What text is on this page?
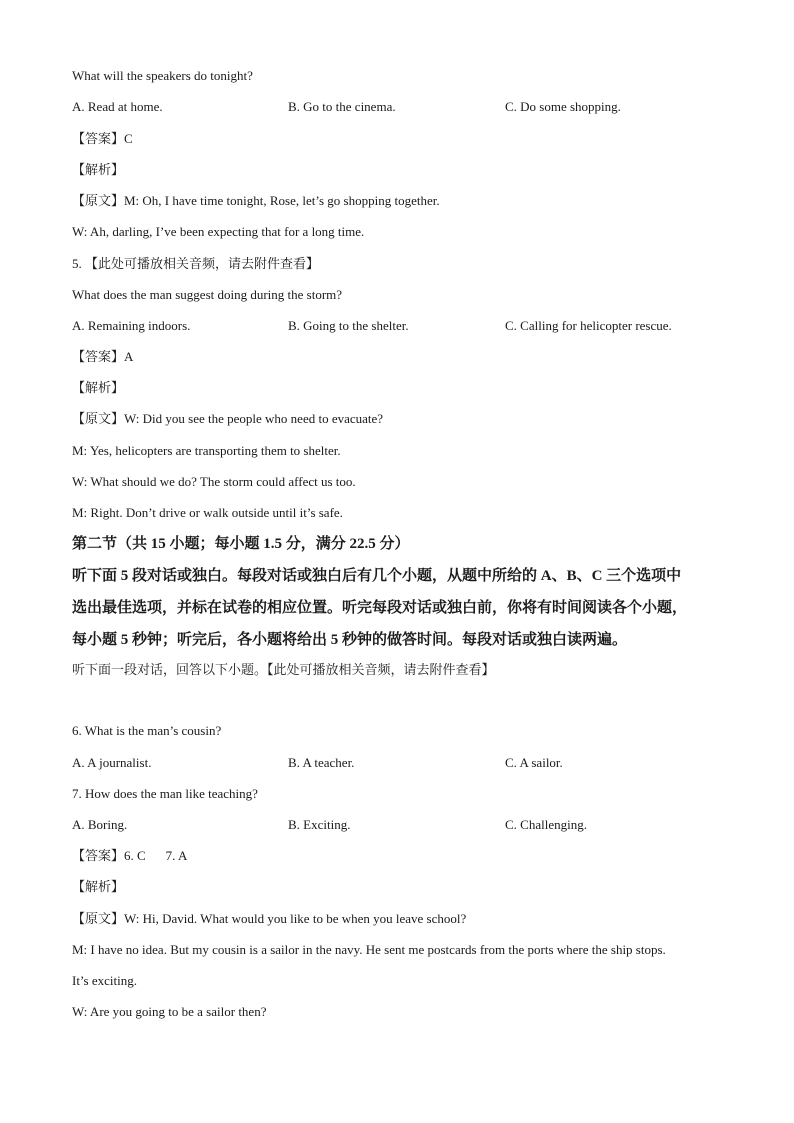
What will the speakers do tonight?
A. Read at home.	B. Go to the cinema.	C. Do some shopping.
【答案】C
【解析】
【原文】M: Oh, I have time tonight, Rose, let’s go shopping together.
W: Ah, darling, I’ve been expecting that for a long time.
5. 【此处可播放相关音频，请去附件查看】
What does the man suggest doing during the storm?
A. Remaining indoors.	B. Going to the shelter.	C. Calling for helicopter rescue.
【答案】A
【解析】
【原文】W: Did you see the people who need to evacuate?
M: Yes, helicopters are transporting them to shelter.
W: What should we do? The storm could affect us too.
M: Right. Don’t drive or walk outside until it’s safe.
第二节（共 15 小题；每小题 1.5 分，满分 22.5 分）
听下面 5 段对话或独白。每段对话或独白后有几个小题，从题中所给的 A、B、C 三个选项中
选出最佳选项，并标在试卷的相应位置。听完每段对话或独白前，你将有时间阅读各个小题，
每小题 5 秒钟；听完后，各小题将给出 5 秒钟的做答时间。每段对话或独白读两遍。
听下面一段对话，回答以下小题。【此处可播放相关音频，请去附件查看】
6. What is the man’s cousin?
A. A journalist.	B. A teacher.	C. A sailor.
7. How does the man like teaching?
A. Boring.	B. Exciting.	C. Challenging.
【答案】6. C 7. A
【解析】
【原文】W: Hi, David. What would you like to be when you leave school?
M: I have no idea. But my cousin is a sailor in the navy. He sent me postcards from the ports where the ship stops.
It’s exciting.
W: Are you going to be a sailor then?
